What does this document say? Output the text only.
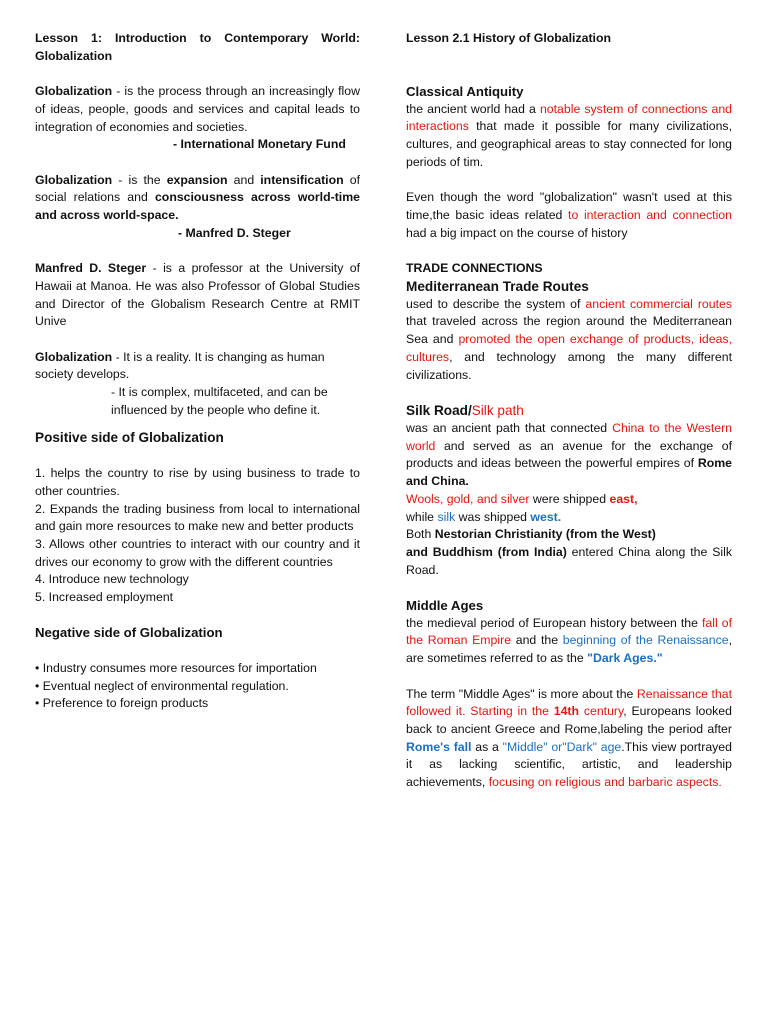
Lesson 1: Introduction to Contemporary World: Globalization

Globalization - is the process through an increasingly flow of ideas, people, goods and services and capital leads to integration of economies and societies.

- International Monetary Fund

Globalization - is the expansion and intensification of social relations and consciousness across world-time and across world-space.

- Manfred D. Steger

Manfred D. Steger - is a professor at the University of Hawaii at Manoa. He was also Professor of Global Studies and Director of the Globalism Research Centre at RMIT Unive

Globalization - It is a reality. It is changing as human society develops.

- It is complex, multifaceted, and can be influenced by the people who define it.

Positive side of Globalization

1. helps the country to rise by using business to trade to other countries.

2. Expands the trading business from local to international and gain more resources to make new and better products

3. Allows other countries to interact with our country and it drives our economy to grow with the different countries

4. Introduce new technology

5. Increased employment

Negative side of Globalization

• Industry consumes more resources for importation

• Eventual neglect of environmental regulation.

• Preference to foreign products

Lesson 2.1 History of Globalization

Classical Antiquity

the ancient world had a notable system of connections and interactions that made it possible for many civilizations, cultures, and geographical areas to stay connected for long periods of tim.

Even though the word "globalization" wasn't used at this time,the basic ideas related to interaction and connection had a big impact on the course of history

TRADE CONNECTIONS

Mediterranean Trade Routes

used to describe the system of ancient commercial routes that traveled across the region around the Mediterranean Sea and promoted the open exchange of products, ideas, cultures, and technology among the many different civilizations.

Silk Road/Silk path

was an ancient path that connected China to the Western world and served as an avenue for the exchange of products and ideas between the powerful empires of Rome and China.

Wools, gold, and silver were shipped east,

while silk was shipped west.

Both Nestorian Christianity (from the West)

and Buddhism (from India) entered China along the Silk Road.

Middle Ages

the medieval period of European history between the fall of the Roman Empire and the beginning of the Renaissance, are sometimes referred to as the "Dark Ages."

The term "Middle Ages" is more about the Renaissance that followed it. Starting in the 14th century, Europeans looked back to ancient Greece and Rome,labeling the period after Rome's fall as a "Middle" or"Dark" age.This view portrayed it as lacking scientific, artistic, and leadership achievements, focusing on religious and barbaric aspects.
